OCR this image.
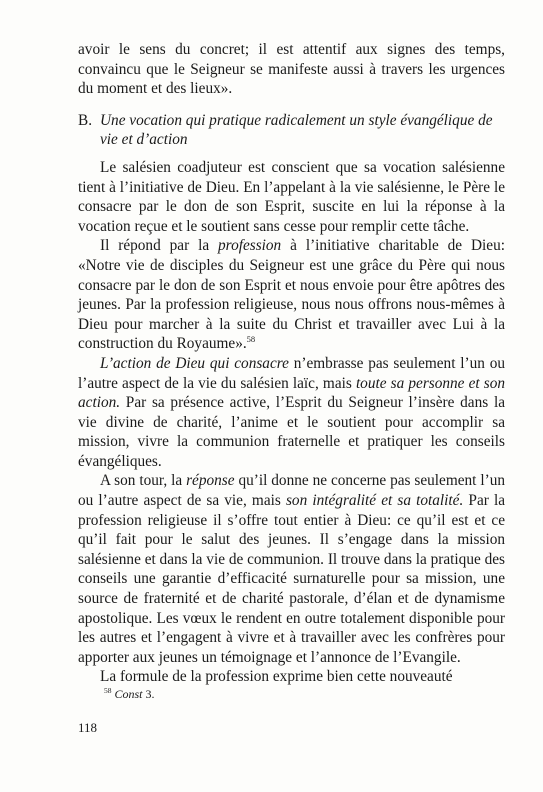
avoir le sens du concret; il est attentif aux signes des temps, convaincu que le Seigneur se manifeste aussi à travers les urgences du moment et des lieux».

B. Une vocation qui pratique radicalement un style évangélique de vie et d’action

Le salésien coadjuteur est conscient que sa vocation salésienne tient à l’initiative de Dieu. En l’appelant à la vie salésienne, le Père le consacre par le don de son Esprit, suscite en lui la réponse à la vocation reçue et le soutient sans cesse pour remplir cette tâche.

Il répond par la profession à l’initiative charitable de Dieu: «Notre vie de disciples du Seigneur est une grâce du Père qui nous consacre par le don de son Esprit et nous envoie pour être apôtres des jeunes. Par la profession religieuse, nous nous offrons nous-mêmes à Dieu pour marcher à la suite du Christ et travailler avec Lui à la construction du Royaume».$^{58}$

L’action de Dieu qui consacre n’embrasse pas seulement l’un ou l’autre aspect de la vie du salésien laïc, mais toute sa personne et son action. Par sa présence active, l’Esprit du Seigneur l’insère dans la vie divine de charité, l’anime et le soutient pour accomplir sa mission, vivre la communion fraternelle et pratiquer les conseils évangéliques.

A son tour, la réponse qu’il donne ne concerne pas seulement l’un ou l’autre aspect de sa vie, mais son intégralité et sa totalité. Par la profession religieuse il s’offre tout entier à Dieu: ce qu’il est et ce qu’il fait pour le salut des jeunes. Il s’engage dans la mission salésienne et dans la vie de communion. Il trouve dans la pratique des conseils une garantie d’efficacité surnaturelle pour sa mission, une source de fraternité et de charité pastorale, d’élan et de dynamisme apostolique. Les vœux le rendent en outre totalement disponible pour les autres et l’engagent à vivre et à travailler avec les confrères pour apporter aux jeunes un témoignage et l’annonce de l’Evangile.

La formule de la profession exprime bien cette nouveauté

$^{58}$ Const 3.
118
